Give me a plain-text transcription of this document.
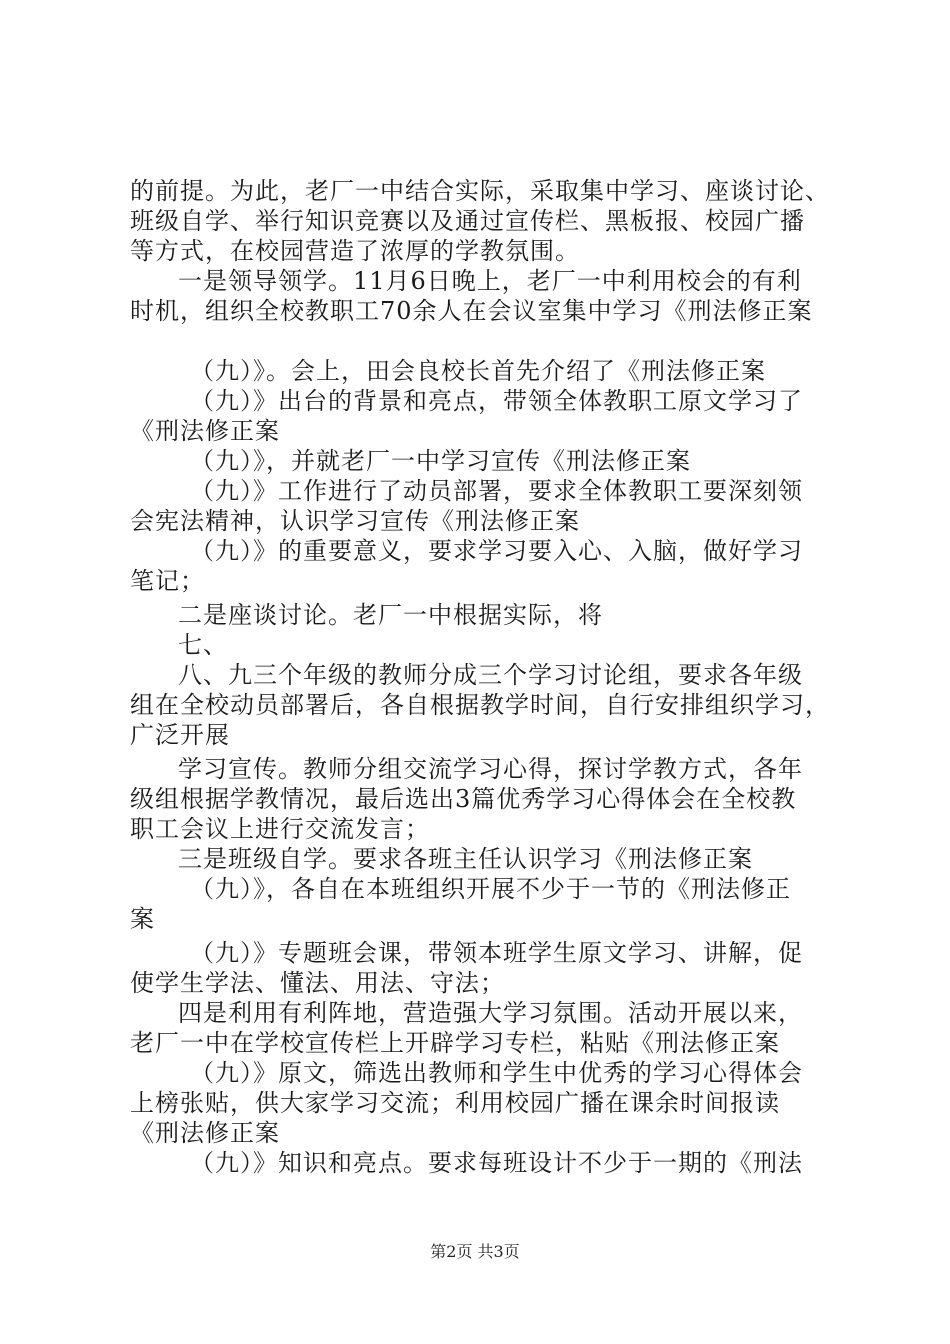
的前提。为此，老厂一中结合实际，采取集中学习、座谈讨论、
班级自学、举行知识竞赛以及通过宣传栏、黑板报、校园广播
等方式，在校园营造了浓厚的学教氛围。
一是领导领学。11月6日晚上，老厂一中利用校会的有利
时机，组织全校教职工70余人在会议室集中学习《刑法修正案
（九）》。会上，田会良校长首先介绍了《刑法修正案
（九）》出台的背景和亮点，带领全体教职工原文学习了
《刑法修正案
（九）》，并就老厂一中学习宣传《刑法修正案
（九）》工作进行了动员部署，要求全体教职工要深刻领
会宪法精神，认识学习宣传《刑法修正案
（九）》的重要意义，要求学习要入心、入脑，做好学习
笔记；
二是座谈讨论。老厂一中根据实际，将
七、
八、九三个年级的教师分成三个学习讨论组，要求各年级
组在全校动员部署后，各自根据教学时间，自行安排组织学习，
广泛开展
学习宣传。教师分组交流学习心得，探讨学教方式，各年
级组根据学教情况，最后选出3篇优秀学习心得体会在全校教
职工会议上进行交流发言；
三是班级自学。要求各班主任认识学习《刑法修正案
（九）》，各自在本班组织开展不少于一节的《刑法修正
案
（九）》专题班会课，带领本班学生原文学习、讲解，促
使学生学法、懂法、用法、守法；
四是利用有利阵地，营造强大学习氛围。活动开展以来，
老厂一中在学校宣传栏上开辟学习专栏，粘贴《刑法修正案
（九）》原文，筛选出教师和学生中优秀的学习心得体会
上榜张贴，供大家学习交流；利用校园广播在课余时间报读
《刑法修正案
（九）》知识和亮点。要求每班设计不少于一期的《刑法
第2页 共3页
